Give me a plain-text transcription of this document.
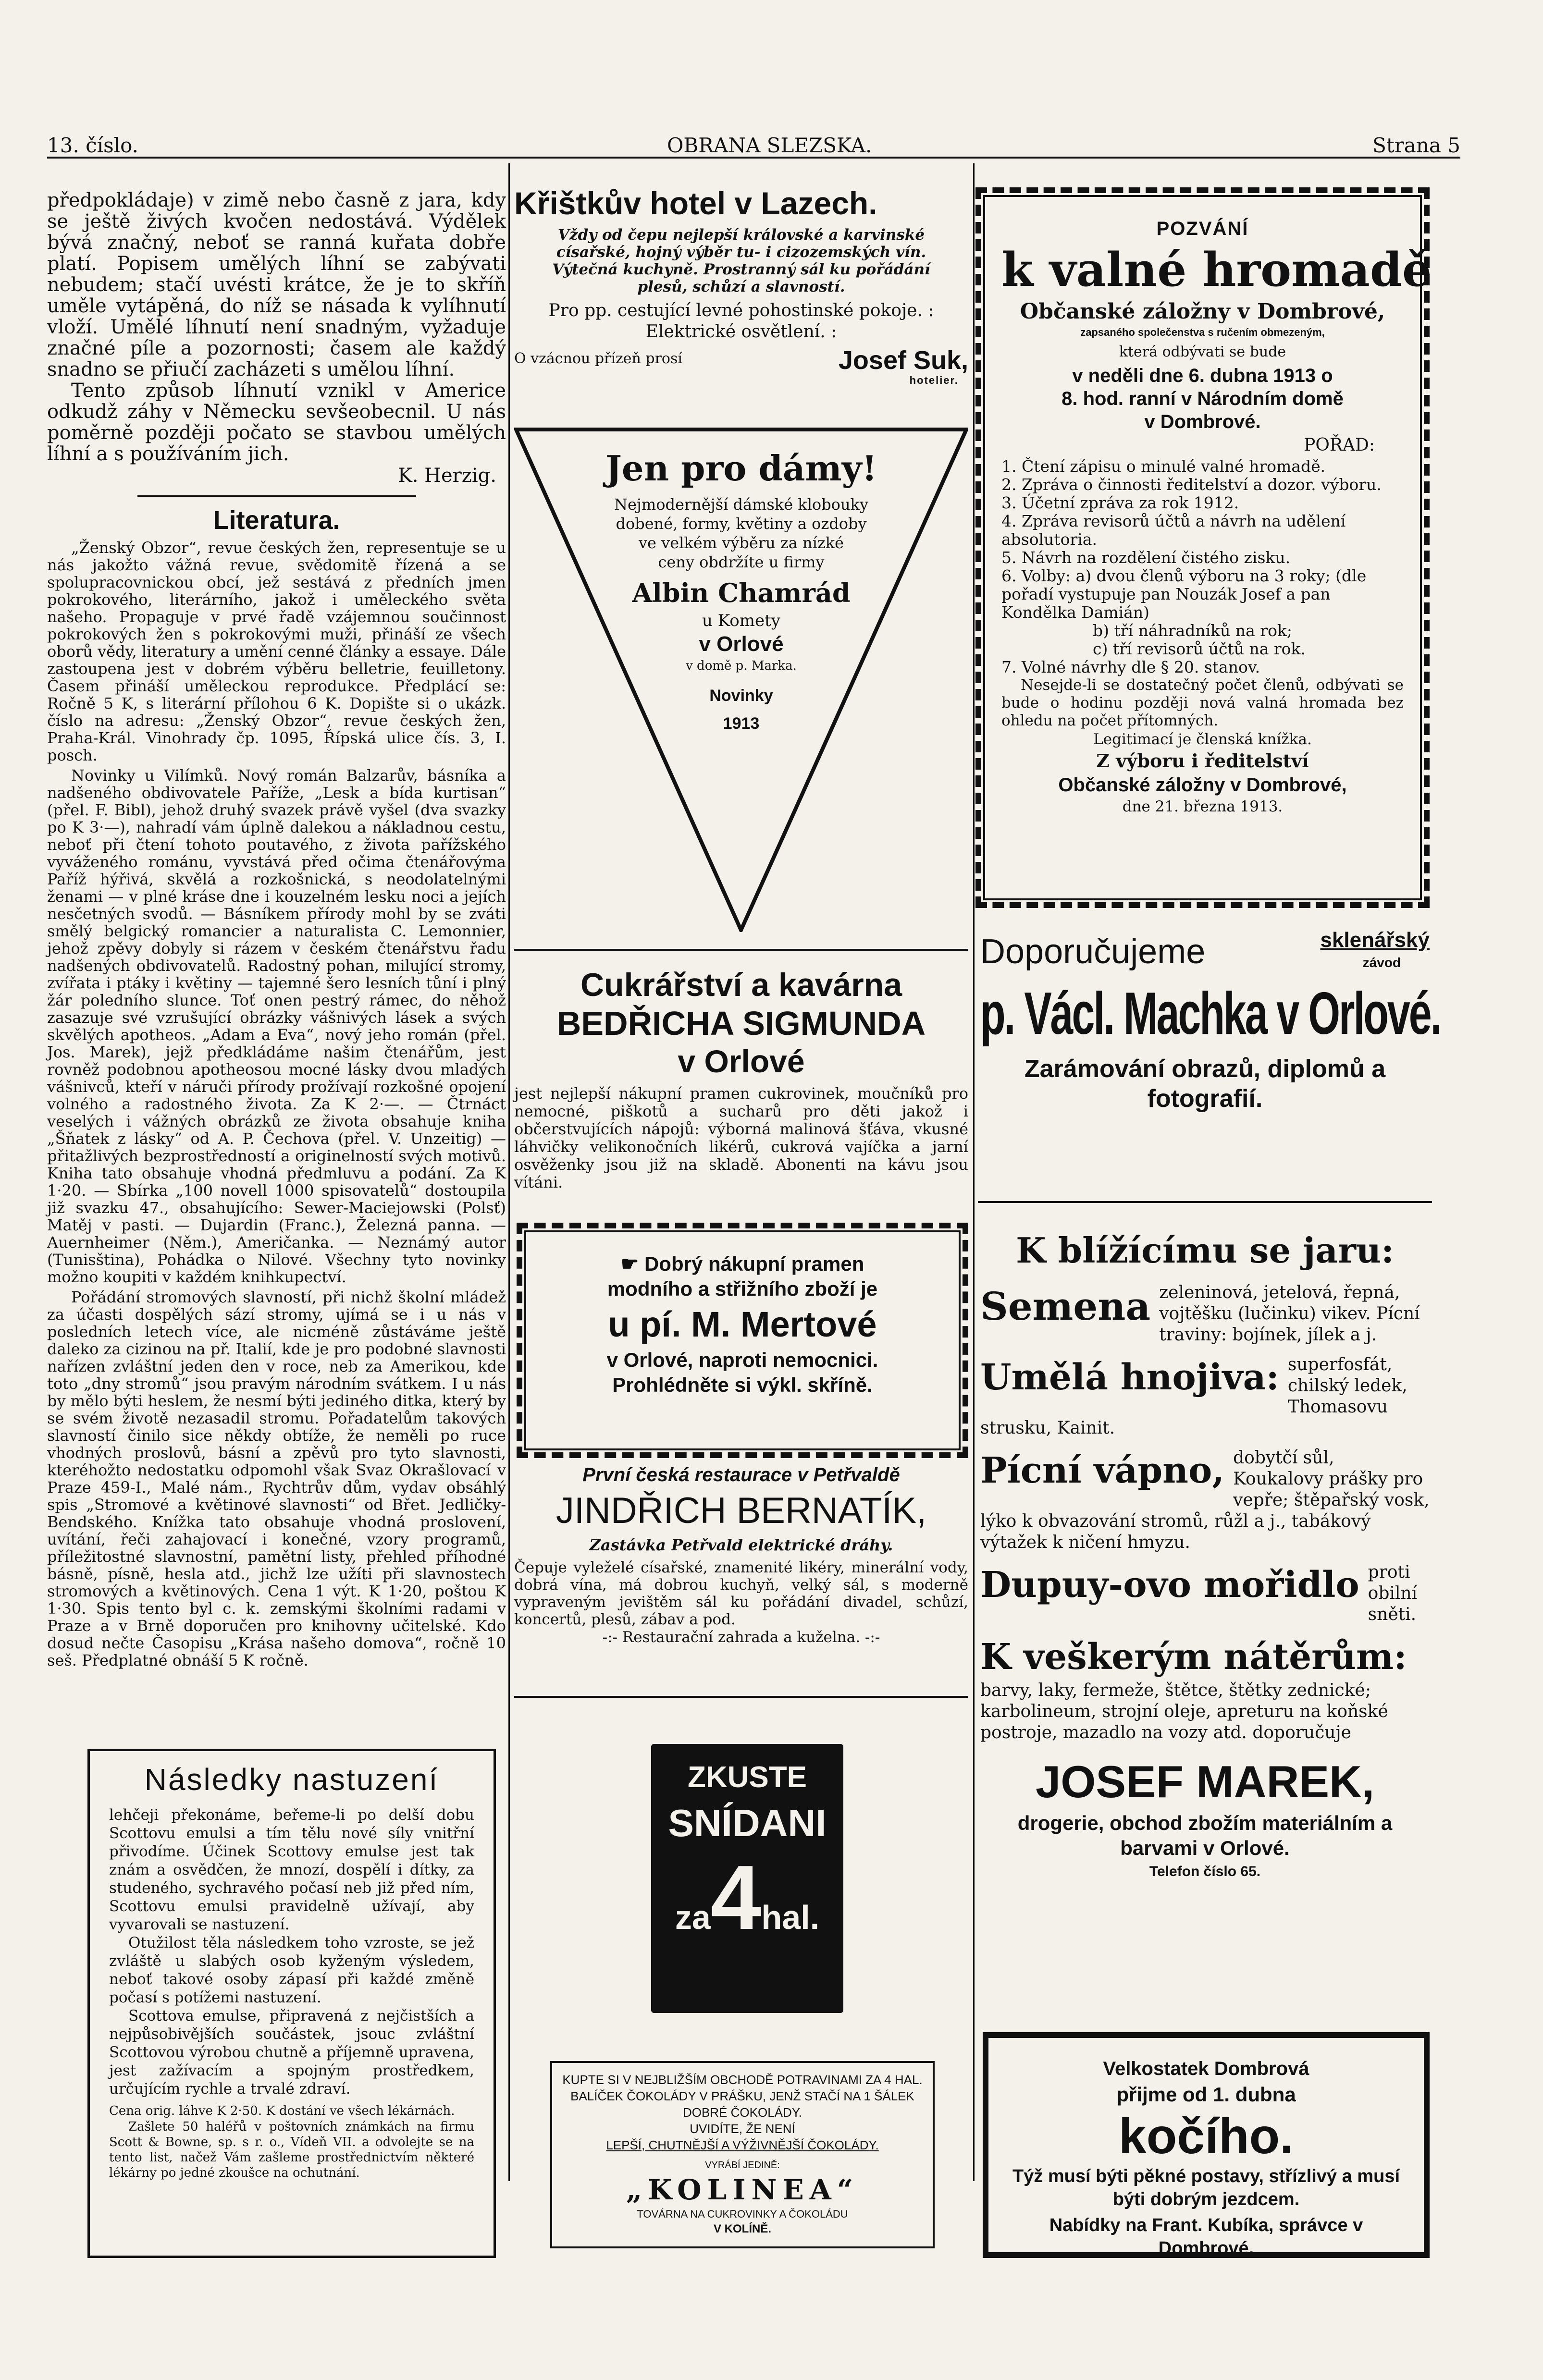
13. číslo.	OBRANA SLEZSKA.	Strana 5

předpokládaje) v zimě nebo časně z jara, kdy se ještě živých kvočen nedostává. Výdělek bývá značný, neboť se ranná kuřata dobře platí. Popisem umělých líhní se zabývati nebudem; stačí uvésti krátce, že je to skříň uměle vytápěná, do níž se násada k vylíhnutí vloží. Umělé líhnutí není snadným, vyžaduje značné píle a pozornosti; časem ale každý snadno se přiučí zacházeti s umělou líhní.

Tento způsob líhnutí vznikl v Americe odkudž záhy v Německu sevšeobecnil. U nás poměrně později počato se stavbou umělých líhní a s používáním jich.

K. Herzig.

Literatura.

„Ženský Obzor“, revue českých žen, representuje se u nás jakožto vážná revue, svědomitě řízená a se spolupracovnickou obcí, jež sestává z předních jmen pokrokového, literárního, jakož i uměleckého světa našeho. Propaguje v prvé řadě vzájemnou součinnost pokrokových žen s pokrokovými muži, přináší ze všech oborů vědy, literatury a umění cenné články a essaye. Dále zastoupena jest v dobrém výběru belletrie, feuilletony. Časem přináší uměleckou reprodukce. Předplácí se: Ročně 5 K, s literární přílohou 6 K. Dopište si o ukázk. číslo na adresu: „Ženský Obzor“, revue českých žen, Praha-Král. Vinohrady čp. 1095, Řípská ulice čís. 3, I. posch.

Novinky u Vilímků. Nový román Balzarův, básníka a nadšeného obdivovatele Paříže, „Lesk a bída kurtisan“ (přel. F. Bibl), jehož druhý svazek právě vyšel (dva svazky po K 3·—), nahradí vám úplně dalekou a nákladnou cestu, neboť při čtení tohoto poutavého, z života pařížského vyváženého románu, vyvstává před očima čtenářovýma Paříž hýřivá, skvělá a rozkošnická, s neodolatelnými ženami — v plné kráse dne i kouzelném lesku noci a jejích nesčetných svodů. — Básníkem přírody mohl by se zváti smělý belgický romancier a naturalista C. Lemonnier, jehož zpěvy dobyly si rázem v českém čtenářstvu řadu nadšených obdivovatelů. Radostný pohan, milující stromy, zvířata i ptáky i květiny — tajemné šero lesních tůní i plný žár poledního slunce. Toť onen pestrý rámec, do něhož zasazuje své vzrušující obrázky vášnivých lásek a svých skvělých apotheos. „Adam a Eva“, nový jeho román (přel. Jos. Marek), jejž předkládáme našim čtenářům, jest rovněž podobnou apotheosou mocné lásky dvou mladých vášnivců, kteří v náruči přírody prožívají rozkošné opojení volného a radostného života. Za K 2·—. — Čtrnáct veselých i vážných obrázků ze života obsahuje kniha „Šňatek z lásky“ od A. P. Čechova (přel. V. Unzeitig) — přitažlivých bezprostředností a originelností svých motivů. Kniha tato obsahuje vhodná předmluvu a podání. Za K 1·20. — Sbírka „100 novell 1000 spisovatelů“ dostoupila již svazku 47., obsahujícího: Sewer-Maciejowski (Polsť) Matěj v pasti. — Dujardin (Franc.), Železná panna. — Auernheimer (Něm.), Američanka. — Neznámý autor (Tunisština), Pohádka o Nilové. Všechny tyto novinky možno koupiti v každém knihkupectví.

Pořádání stromových slavností, při nichž školní mládež za účasti dospělých sází stromy, ujímá se i u nás v posledních letech více, ale nicméně zůstáváme ještě daleko za cizinou na př. Italií, kde je pro podobné slavnosti nařízen zvláštní jeden den v roce, neb za Amerikou, kde toto „dny stromů“ jsou pravým národním svátkem. I u nás by mělo býti heslem, že nesmí býti jediného ditka, který by se svém životě nezasadil stromu. Pořadatelům takových slavností činilo sice někdy obtíže, že neměli po ruce vhodných proslovů, básní a zpěvů pro tyto slavnosti, kteréhožto nedostatku odpomohl však Svaz Okrašlovací v Praze 459-I., Malé nám., Rychtrův dům, vydav obsáhlý spis „Stromové a květinové slavnosti“ od Břet. Jedličky-Bendského. Knížka tato obsahuje vhodná proslovení, uvítání, řeči zahajovací i konečné, vzory programů, příležitostné slavnostní, pamětní listy, přehled příhodné básně, písně, hesla atd., jichž lze užíti při slavnostech stromových a květinových. Cena 1 výt. K 1·20, poštou K 1·30. Spis tento byl c. k. zemskými školními radami v Praze a v Brně doporučen pro knihovny učitelské. Kdo dosud nečte Časopisu „Krása našeho domova“, ročně 10 seš. Předplatné obnáší 5 K ročně.

Následky nastuzení

lehčeji překonáme, beřeme-li po delší dobu Scottovu emulsi a tím tělu nové síly vnitřní přivodíme. Účinek Scottovy emulse jest tak znám a osvědčen, že mnozí, dospělí i dítky, za studeného, sychravého počasí neb již před ním, Scottovu emulsi pravidelně užívají, aby vyvarovali se nastuzení.

Otužilost těla následkem toho vzroste, se jež zvláště u slabých osob kyženým výsledem, neboť takové osoby zápasí při každé změně počasí s potížemi nastuzení.

Scottova emulse, připravená z nejčistších a nejpůsobivějších součástek, jsouc zvláštní Scottovou výrobou chutně a příjemně upravena, jest zažívacím a spojným prostředkem, určujícím rychle a trvalé zdraví.

Cena orig. láhve K 2·50. K dostání ve všech lékárnách.

Zašlete 50 haléřů v poštovních známkách na firmu Scott & Bowne, sp. s r. o., Vídeň VII. a odvolejte se na tento list, načež Vám zašleme prostřednictvím některé lékárny po jedné zkoušce na ochutnání.

Křištkův hotel v Lazech.

Vždy od čepu nejlepší královské a karvinské císařské, hojný výběr tu- i cizozemských vín. Výtečná kuchyně. Prostranný sál ku pořádání plesů, schůzí a slavností.

Pro pp. cestující levné pohostinské pokoje. : Elektrické osvětlení. :

O vzácnou přízeň prosí	Josef Suk,
hotelier.

Jen pro dámy!

Nejmodernější dámské klobouky

dobené, formy, květiny a ozdoby

ve velkém výběru za nízké

ceny obdržíte u firmy

Albin Chamrád

u Komety

v Orlové

v domě p. Marka.

Novinky

1913

Cukrářství a kavárna

BEDŘICHA SIGMUNDA

v Orlové

jest nejlepší nákupní pramen cukrovinek, moučníků pro nemocné, piškotů a sucharů pro děti jakož i občerstvujících nápojů: výborná malinová šťáva, vkusné láhvičky velikonočních likérů, cukrová vajíčka a jarní osvěženky jsou již na skladě. Abonenti na kávu jsou vítáni.

☛ Dobrý nákupní pramen

modního a střižního zboží je

u pí. M. Mertové

v Orlové, naproti nemocnici.

Prohlédněte si výkl. skříně.

První česká restaurace v Petřvaldě

JINDŘICH BERNATÍK,

Zastávka Petřvald elektrické dráhy.

Čepuje vyleželé císařské, znamenité likéry, minerální vody, dobrá vína, má dobrou kuchyň, velký sál, s moderně vypraveným jevištěm sál ku pořádání divadel, schůzí, koncertů, plesů, zábav a pod.

-:- Restaurační zahrada a kuželna. -:-

ZKUSTE

SNÍDANI

za4hal.

KUPTE SI V NEJBLIŽŠÍM OBCHODĚ POTRAVINAMI ZA 4 HAL. BALÍČEK ČOKOLÁDY V PRÁŠKU, JENŽ STAČÍ NA 1 ŠÁLEK DOBRÉ ČOKOLÁDY.

UVIDÍTE, ŽE NENÍ

LEPŠÍ, CHUTNĚJŠÍ A VÝŽIVNĚJŠÍ ČOKOLÁDY.

VYRÁBÍ JEDINĚ:

„KOLINEA“

TOVÁRNA NA CUKROVINKY A ČOKOLÁDU

V KOLÍNĚ.

POZVÁNÍ

k valné hromadě

Občanské záložny v Dombrové,

zapsaného společenstva s ručením obmezeným,

která odbývati se bude

v neděli dne 6. dubna 1913 o

8. hod. ranní v Národním domě

v Dombrové.

POŘAD:

1. Čtení zápisu o minulé valné hromadě.
2. Zpráva o činnosti ředitelství a dozor. výboru.
3. Účetní zpráva za rok 1912.
4. Zpráva revisorů účtů a návrh na udělení absolutoria.
5. Návrh na rozdělení čistého zisku.
6. Volby: a) dvou členů výboru na 3 roky; (dle pořadí vystupuje pan Nouzák Josef a pan Kondělka Damián)
b) tří náhradníků na rok;
c) tří revisorů účtů na rok.
7. Volné návrhy dle § 20. stanov.

Nesejde-li se dostatečný počet členů, odbývati se bude o hodinu později nová valná hromada bez ohledu na počet přítomných.

Legitimací je členská knížka.

Z výboru i ředitelství

Občanské záložny v Dombrové,

dne 21. března 1913.

Doporučujeme	sklenářský
závod

p. Václ. Machka v Orlové.

Zarámování obrazů, diplomů a fotografií.

K blížícímu se jaru:

Semena zeleninová, jetelová, řepná, vojtěšku (lučinku) vikev. Pícní traviny: bojínek, jílek a j.

Umělá hnojiva: superfosfát, chilský ledek, Thomasovu strusku, Kainit.

Pícní vápno, dobytčí sůl, Koukalovy prášky pro vepře; štěpařský vosk, lýko k obvazování stromů, růžl a j., tabákový výtažek k ničení hmyzu.

Dupuy-ovo mořidlo proti obilní sněti.

K veškerým nátěrům:
barvy, laky, fermeže, štětce, štětky zednické; karbolineum, strojní oleje, apreturu na koňské postroje, mazadlo na vozy atd. doporučuje

JOSEF MAREK,

drogerie, obchod zbožím materiálním a barvami v Orlové.

Telefon číslo 65.

Velkostatek Dombrová

přijme od 1. dubna

kočího.

Týž musí býti pěkné postavy, střízlivý a musí býti dobrým jezdcem.

Nabídky na Frant. Kubíka, správce v Dombrové.
